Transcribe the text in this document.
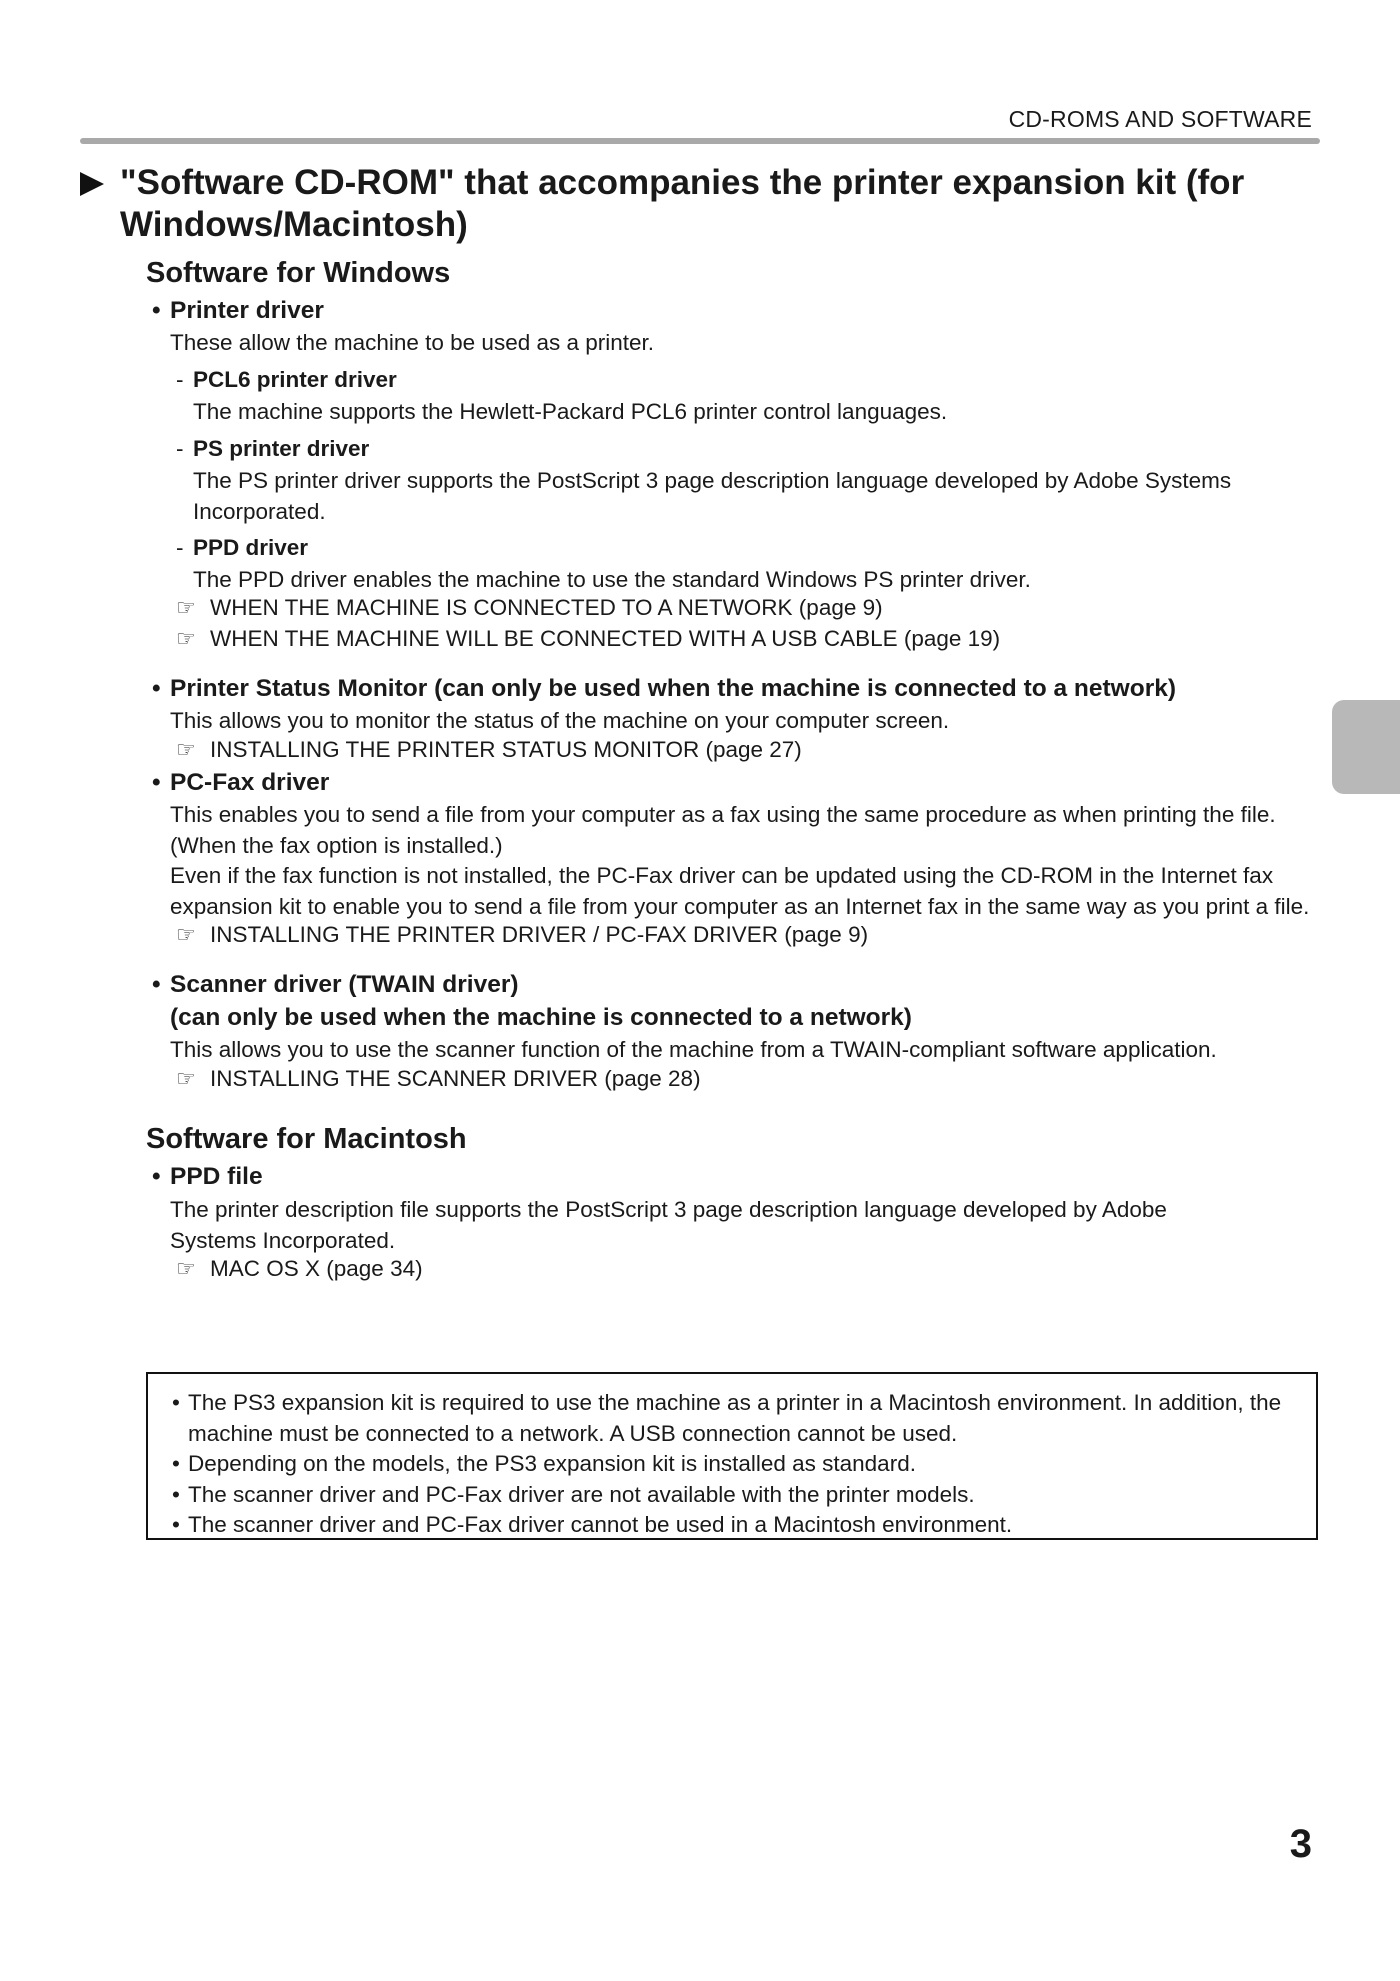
CD-ROMS AND SOFTWARE
"Software CD-ROM" that accompanies the printer expansion kit (for Windows/Macintosh)
Software for Windows
• Printer driver
These allow the machine to be used as a printer.
- PCL6 printer driver
The machine supports the Hewlett-Packard PCL6 printer control languages.
- PS printer driver
The PS printer driver supports the PostScript 3 page description language developed by Adobe Systems Incorporated.
- PPD driver
The PPD driver enables the machine to use the standard Windows PS printer driver.
☞ WHEN THE MACHINE IS CONNECTED TO A NETWORK (page 9)
☞ WHEN THE MACHINE WILL BE CONNECTED WITH A USB CABLE (page 19)
• Printer Status Monitor (can only be used when the machine is connected to a network)
This allows you to monitor the status of the machine on your computer screen.
☞ INSTALLING THE PRINTER STATUS MONITOR (page 27)
• PC-Fax driver
This enables you to send a file from your computer as a fax using the same procedure as when printing the file. (When the fax option is installed.)
Even if the fax function is not installed, the PC-Fax driver can be updated using the CD-ROM in the Internet fax expansion kit to enable you to send a file from your computer as an Internet fax in the same way as you print a file.
☞ INSTALLING THE PRINTER DRIVER / PC-FAX DRIVER (page 9)
• Scanner driver (TWAIN driver)
(can only be used when the machine is connected to a network)
This allows you to use the scanner function of the machine from a TWAIN-compliant software application.
☞ INSTALLING THE SCANNER DRIVER (page 28)
Software for Macintosh
• PPD file
The printer description file supports the PostScript 3 page description language developed by Adobe Systems Incorporated.
☞ MAC OS X (page 34)
• The PS3 expansion kit is required to use the machine as a printer in a Macintosh environment. In addition, the machine must be connected to a network. A USB connection cannot be used.
• Depending on the models, the PS3 expansion kit is installed as standard.
• The scanner driver and PC-Fax driver are not available with the printer models.
• The scanner driver and PC-Fax driver cannot be used in a Macintosh environment.
3
